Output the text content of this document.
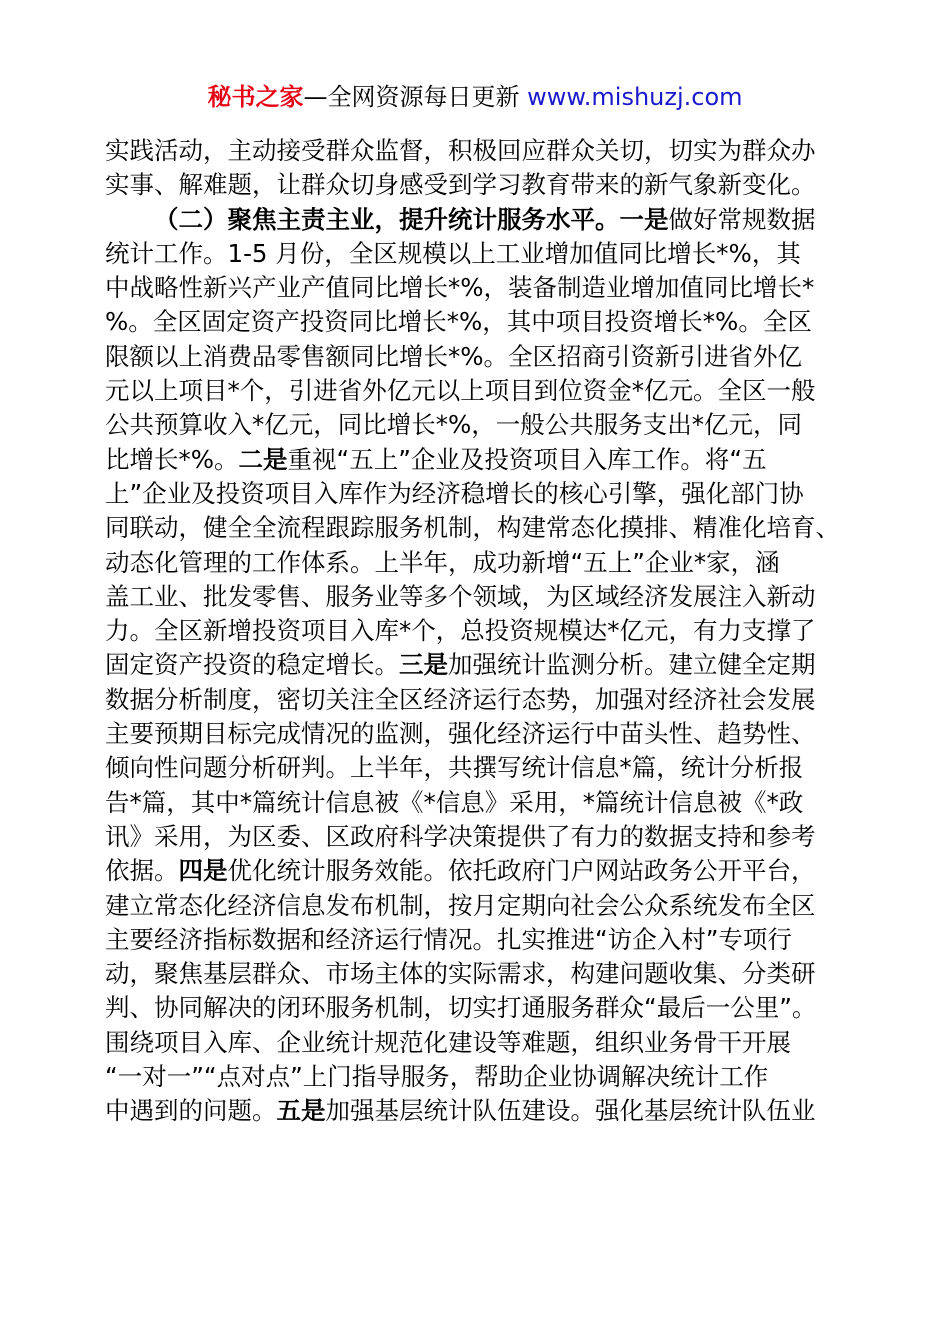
秘书之家—全网资源每日更新 www.mishuzj.com
实践活动，主动接受群众监督，积极回应群众关切，切实为群众办
实事、解难题，让群众切身感受到学习教育带来的新气象新变化。
（二）聚焦主责主业，提升统计服务水平。一是做好常规数据
统计工作。1-5 月份，全区规模以上工业增加值同比增长*%，其
中战略性新兴产业产值同比增长*%，装备制造业增加值同比增长*
%。全区固定资产投资同比增长*%，其中项目投资增长*%。全区
限额以上消费品零售额同比增长*%。全区招商引资新引进省外亿
元以上项目*个，引进省外亿元以上项目到位资金*亿元。全区一般
公共预算收入*亿元，同比增长*%，一般公共服务支出*亿元，同
比增长*%。二是重视“五上”企业及投资项目入库工作。将“五
上”企业及投资项目入库作为经济稳增长的核心引擎，强化部门协
同联动，健全全流程跟踪服务机制，构建常态化摸排、精准化培育、
动态化管理的工作体系。上半年，成功新增“五上”企业*家，涵
盖工业、批发零售、服务业等多个领域，为区域经济发展注入新动
力。全区新增投资项目入库*个，总投资规模达*亿元，有力支撑了
固定资产投资的稳定增长。三是加强统计监测分析。建立健全定期
数据分析制度，密切关注全区经济运行态势，加强对经济社会发展
主要预期目标完成情况的监测，强化经济运行中苗头性、趋势性、
倾向性问题分析研判。上半年，共撰写统计信息*篇，统计分析报
告*篇，其中*篇统计信息被《*信息》采用，*篇统计信息被《*政
讯》采用，为区委、区政府科学决策提供了有力的数据支持和参考
依据。四是优化统计服务效能。依托政府门户网站政务公开平台，
建立常态化经济信息发布机制，按月定期向社会公众系统发布全区
主要经济指标数据和经济运行情况。扎实推进“访企入村”专项行
动，聚焦基层群众、市场主体的实际需求，构建问题收集、分类研
判、协同解决的闭环服务机制，切实打通服务群众“最后一公里”。
围绕项目入库、企业统计规范化建设等难题，组织业务骨干开展
“一对一”“点对点”上门指导服务，帮助企业协调解决统计工作
中遇到的问题。五是加强基层统计队伍建设。强化基层统计队伍业
